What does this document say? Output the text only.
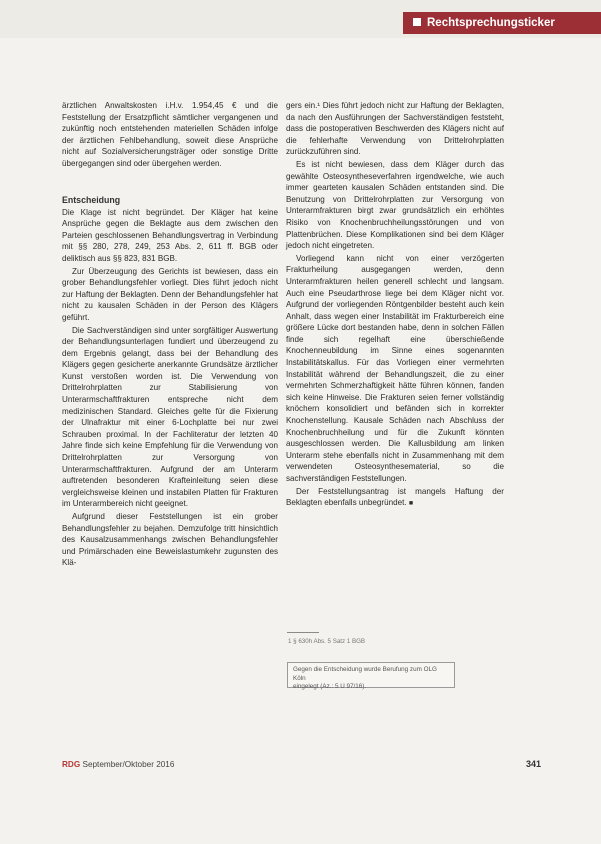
Rechtsprechungsticker

ärztlichen Anwaltskosten i.H.v. 1.954,45 € und die Feststellung der Ersatzpflicht sämtlicher vergangenen und zukünftig noch entstehenden materiellen Schäden infolge der ärztlichen Fehlbehandlung, soweit diese Ansprüche nicht auf Sozialversicherungsträger oder sonstige Dritte übergegangen sind oder übergehen werden.

Entscheidung

Die Klage ist nicht begründet. Der Kläger hat keine Ansprüche gegen die Beklagte aus dem zwischen den Parteien geschlossenen Behandlungsvertrag in Verbindung mit §§ 280, 278, 249, 253 Abs. 2, 611 ff. BGB oder deliktisch aus §§ 823, 831 BGB.

Zur Überzeugung des Gerichts ist bewiesen, dass ein grober Behandlungsfehler vorliegt. Dies führt jedoch nicht zur Haftung der Beklagten. Denn der Behandlungsfehler hat nicht zu kausalen Schäden in der Person des Klägers geführt.

Die Sachverständigen sind unter sorgfältiger Auswertung der Behandlungsunterlagen fundiert und überzeugend zu dem Ergebnis gelangt, dass bei der Behandlung des Klägers gegen gesicherte anerkannte Grundsätze ärztlicher Kunst verstoßen worden ist. Die Verwendung von Drittelrohrplatten zur Stabilisierung von Unterarmschaftfrakturen entspreche nicht dem medizinischen Standard. Gleiches gelte für die Fixierung der Ulnafraktur mit einer 6-Lochplatte bei nur zwei Schrauben proximal. In der Fachliteratur der letzten 40 Jahre finde sich keine Empfehlung für die Verwendung von Drittelrohrplatten zur Versorgung von Unterarmschaftfrakturen. Aufgrund der am Unterarm auftretenden besonderen Krafteinleitung seien diese vergleichsweise kleinen und instabilen Platten für Frakturen im Unterarmbereich nicht geeignet.

Aufgrund dieser Feststellungen ist ein grober Behandlungsfehler zu bejahen. Demzufolge tritt hinsichtlich des Kausalzusammenhangs zwischen Behandlungsfehler und Primärschaden eine Beweislastumkehr zugunsten des Klä-

gers ein.¹ Dies führt jedoch nicht zur Haftung der Beklagten, da nach den Ausführungen der Sachverständigen feststeht, dass die postoperativen Beschwerden des Klägers nicht auf die fehlerhafte Verwendung von Drittelrohrplatten zurückzuführen sind.

Es ist nicht bewiesen, dass dem Kläger durch das gewählte Osteosyntheseverfahren irgendwelche, wie auch immer gearteten kausalen Schäden entstanden sind. Die Benutzung von Drittelrohrplatten zur Versorgung von Unterarmfrakturen birgt zwar grundsätzlich ein erhöhtes Risiko von Knochenbruchheilungsstörungen und von Plattenbrüchen. Diese Komplikationen sind bei dem Kläger jedoch nicht eingetreten.

Vorliegend kann nicht von einer verzögerten Frakturheilung ausgegangen werden, denn Unterarmfrakturen heilen generell schlecht und langsam. Auch eine Pseudarthrose liege bei dem Kläger nicht vor. Aufgrund der vorliegenden Röntgenbilder besteht auch kein Anhalt, dass wegen einer Instabilität im Frakturbereich eine größere Lücke dort bestanden habe, denn in solchen Fällen finde sich regelhaft eine überschießende Knochenneubildung im Sinne eines sogenannten Instabilitätskallus. Für das Vorliegen einer vermehrten Instabilität während der Behandlungszeit, die zu einer vermehrten Schmerzhaftigkeit hätte führen können, fanden sich keine Hinweise. Die Frakturen seien ferner vollständig knöchern konsolidiert und befänden sich in korrekter Knochenstellung. Kausale Schäden nach Abschluss der Knochenbruchheilung und für die Zukunft könnten ausgeschlossen werden. Die Kallusbildung am linken Unterarm stehe ebenfalls nicht in Zusammenhang mit dem verwendeten Osteosynthesematerial, so die sachverständigen Feststellungen.

Der Feststellungsantrag ist mangels Haftung der Beklagten ebenfalls unbegründet. ■

1 § 630h Abs. 5 Satz 1 BGB
Gegen die Entscheidung wurde Berufung zum OLG Köln
eingelegt (Az.: 5 U 97/16).
RDG September/Oktober 2016	341
